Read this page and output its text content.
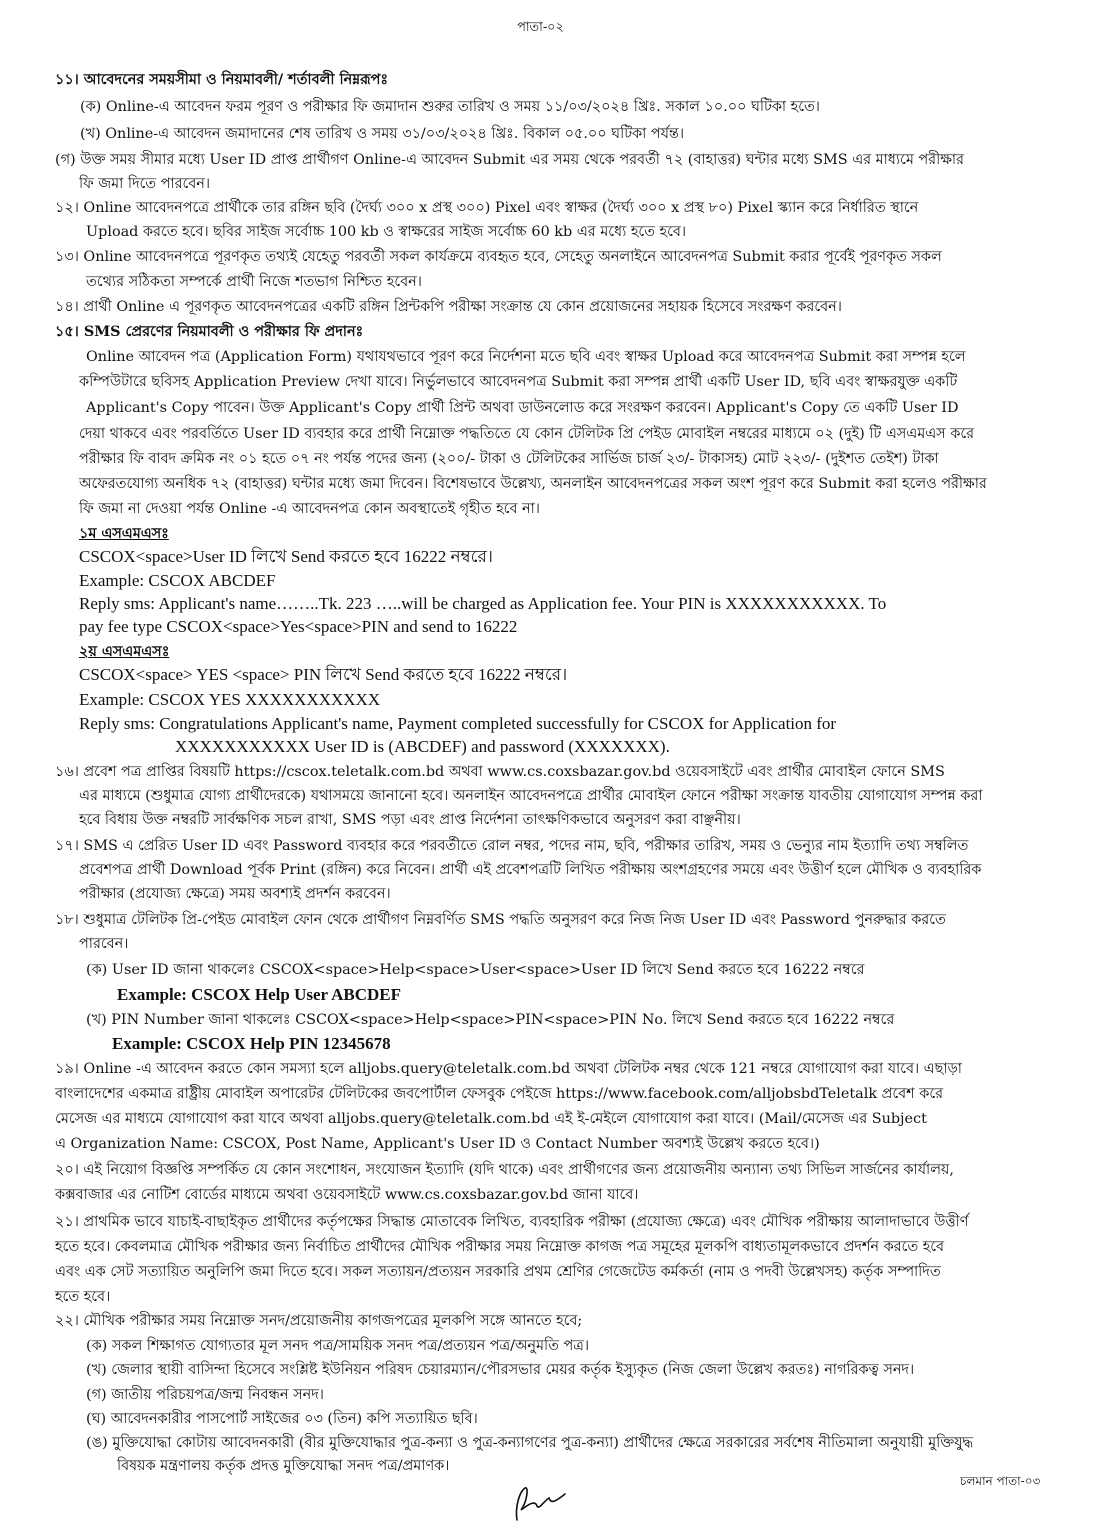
পাতা-০২
১১। আবেদনের সময়সীমা ও নিয়মাবলী/ শর্তাবলী নিম্নরূপঃ
(ক) Online-এ আবেদন ফরম পূরণ ও পরীক্ষার ফি জমাদান শুরুর তারিখ ও সময় ১১/০৩/২০২৪ খ্রিঃ. সকাল ১০.০০ ঘটিকা হতে।
(খ) Online-এ আবেদন জমাদানের শেষ তারিখ ও সময় ৩১/০৩/২০২৪ খ্রিঃ. বিকাল ০৫.০০ ঘটিকা পর্যন্ত।
(গ) উক্ত সময় সীমার মধ্যে User ID প্রাপ্ত প্রার্থীগণ Online-এ আবেদন Submit এর সময় থেকে পরবর্তী ৭২ (বাহাত্তর) ঘন্টার মধ্যে SMS এর মাধ্যমে পরীক্ষার
ফি জমা দিতে পারবেন।
১২। Online আবেদনপত্রে প্রার্থীকে তার রঙ্গিন ছবি (দৈর্ঘ্য ৩০০ x প্রস্থ ৩০০) Pixel এবং স্বাক্ষর (দৈর্ঘ্য ৩০০ x প্রস্থ ৮০) Pixel স্ক্যান করে নির্ধারিত স্থানে
Upload করতে হবে। ছবির সাইজ সর্বোচ্চ 100 kb ও স্বাক্ষরের সাইজ সর্বোচ্চ 60 kb এর মধ্যে হতে হবে।
১৩। Online আবেদনপত্রে পূরণকৃত তথ্যই যেহেতু পরবর্তী সকল কার্যক্রমে ব্যবহৃত হবে, সেহেতু অনলাইনে আবেদনপত্র Submit করার পূর্বেই পূরণকৃত সকল
তথ্যের সঠিকতা সম্পর্কে প্রার্থী নিজে শতভাগ নিশ্চিত হবেন।
১৪। প্রার্থী Online এ পূরণকৃত আবেদনপত্রের একটি রঙ্গিন প্রিন্টকপি পরীক্ষা সংক্রান্ত যে কোন প্রয়োজনের সহায়ক হিসেবে সংরক্ষণ করবেন।
১৫। SMS প্রেরণের নিয়মাবলী ও পরীক্ষার ফি প্রদানঃ
Online আবেদন পত্র (Application Form) যথাযথভাবে পূরণ করে নির্দেশনা মতে ছবি এবং স্বাক্ষর Upload করে আবেদনপত্র Submit করা সম্পন্ন হলে
কম্পিউটারে ছবিসহ Application Preview দেখা যাবে। নির্ভুলভাবে আবেদনপত্র Submit করা সম্পন্ন প্রার্থী একটি User ID, ছবি এবং স্বাক্ষরযুক্ত একটি
Applicant's Copy পাবেন। উক্ত Applicant's Copy প্রার্থী প্রিন্ট অথবা ডাউনলোড করে সংরক্ষণ করবেন। Applicant's Copy তে একটি User ID
দেয়া থাকবে এবং পরবর্তিতে User ID ব্যবহার করে প্রার্থী নিম্নোক্ত পদ্ধতিতে যে কোন টেলিটক প্রি পেইড মোবাইল নম্বরের মাধ্যমে ০২ (দুই) টি এসএমএস করে
পরীক্ষার ফি বাবদ ক্রমিক নং ০১ হতে ০৭ নং পর্যন্ত পদের জন্য (২০০/- টাকা ও টেলিটকের সার্ভিজ চার্জ ২৩/- টাকাসহ) মোট ২২৩/- (দুইশত তেইশ) টাকা
অফেরতযোগ্য অনধিক ৭২ (বাহাত্তর) ঘন্টার মধ্যে জমা দিবেন। বিশেষভাবে উল্লেখ্য, অনলাইন আবেদনপত্রের সকল অংশ পূরণ করে Submit করা হলেও পরীক্ষার
ফি জমা না দেওয়া পর্যন্ত Online -এ আবেদনপত্র কোন অবস্থাতেই গৃহীত হবে না।
১ম এসএমএসঃ
CSCOX<space>User ID লিখে Send করতে হবে 16222 নম্বরে।
Example: CSCOX ABCDEF
Reply sms: Applicant's name……..Tk. 223 …..will be charged as Application fee. Your PIN is XXXXXXXXXXX. To
pay fee type CSCOX<space>Yes<space>PIN and send to 16222
২য় এসএমএসঃ
CSCOX<space> YES <space> PIN লিখে Send করতে হবে 16222 নম্বরে।
Example: CSCOX YES XXXXXXXXXXX
Reply sms: Congratulations Applicant's name, Payment completed successfully for CSCOX for Application for
XXXXXXXXXXX User ID is (ABCDEF) and password (XXXXXXX).
১৬। প্রবেশ পত্র প্রাপ্তির বিষয়টি https://cscox.teletalk.com.bd অথবা www.cs.coxsbazar.gov.bd ওয়েবসাইটে এবং প্রার্থীর মোবাইল ফোনে SMS
এর মাধ্যমে (শুধুমাত্র যোগ্য প্রার্থীদেরকে) যথাসময়ে জানানো হবে। অনলাইন আবেদনপত্রে প্রার্থীর মোবাইল ফোনে পরীক্ষা সংক্রান্ত যাবতীয় যোগাযোগ সম্পন্ন করা
হবে বিধায় উক্ত নম্বরটি সার্বক্ষণিক সচল রাখা, SMS পড়া এবং প্রাপ্ত নির্দেশনা তাৎক্ষণিকভাবে অনুসরণ করা বাঞ্ছনীয়।
১৭। SMS এ প্রেরিত User ID এবং Password ব্যবহার করে পরবর্তীতে রোল নম্বর, পদের নাম, ছবি, পরীক্ষার তারিখ, সময় ও ভেন্যুর নাম ইত্যাদি তথ্য সম্বলিত
প্রবেশপত্র প্রার্থী Download পূর্বক Print (রঙ্গিন) করে নিবেন। প্রার্থী এই প্রবেশপত্রটি লিখিত পরীক্ষায় অংশগ্রহণের সময়ে এবং উত্তীর্ণ হলে মৌখিক ও ব্যবহারিক
পরীক্ষার (প্রযোজ্য ক্ষেত্রে) সময় অবশ্যই প্রদর্শন করবেন।
১৮। শুধুমাত্র টেলিটক প্রি-পেইড মোবাইল ফোন থেকে প্রার্থীগণ নিম্নবর্ণিত SMS পদ্ধতি অনুসরণ করে নিজ নিজ User ID এবং Password পুনরুদ্ধার করতে
পারবেন।
(ক) User ID জানা থাকলেঃ CSCOX<space>Help<space>User<space>User ID লিখে Send করতে হবে 16222 নম্বরে
Example: CSCOX Help User ABCDEF
(খ) PIN Number জানা থাকলেঃ CSCOX<space>Help<space>PIN<space>PIN No. লিখে Send করতে হবে 16222 নম্বরে
Example: CSCOX Help PIN 12345678
১৯। Online -এ আবেদন করতে কোন সমস্যা হলে alljobs.query@teletalk.com.bd অথবা টেলিটক নম্বর থেকে 121 নম্বরে যোগাযোগ করা যাবে। এছাড়া
বাংলাদেশের একমাত্র রাষ্ট্রীয় মোবাইল অপারেটর টেলিটকের জবপোর্টাল ফেসবুক পেইজে https://www.facebook.com/alljobsbdTeletalk প্রবেশ করে
মেসেজ এর মাধ্যমে যোগাযোগ করা যাবে অথবা alljobs.query@teletalk.com.bd এই ই-মেইলে যোগাযোগ করা যাবে। (Mail/মেসেজ এর Subject
এ Organization Name: CSCOX, Post Name, Applicant's User ID ও Contact Number অবশ্যই উল্লেখ করতে হবে।)
২০। এই নিয়োগ বিজ্ঞপ্তি সম্পর্কিত যে কোন সংশোধন, সংযোজন ইত্যাদি (যদি থাকে) এবং প্রার্থীগণের জন্য প্রয়োজনীয় অন্যান্য তথ্য সিভিল সার্জনের কার্যালয়,
কক্সবাজার এর নোটিশ বোর্ডের মাধ্যমে অথবা ওয়েবসাইটে www.cs.coxsbazar.gov.bd জানা যাবে।
২১। প্রাথমিক ভাবে যাচাই-বাছাইকৃত প্রার্থীদের কর্তৃপক্ষের সিদ্ধান্ত মোতাবেক লিখিত, ব্যবহারিক পরীক্ষা (প্রযোজ্য ক্ষেত্রে) এবং মৌখিক পরীক্ষায় আলাদাভাবে উত্তীর্ণ
হতে হবে। কেবলমাত্র মৌখিক পরীক্ষার জন্য নির্বাচিত প্রার্থীদের মৌখিক পরীক্ষার সময় নিম্নোক্ত কাগজ পত্র সমূহের মূলকপি বাধ্যতামূলকভাবে প্রদর্শন করতে হবে
এবং এক সেট সত্যায়িত অনুলিপি জমা দিতে হবে। সকল সত্যায়ন/প্রত্যয়ন সরকারি প্রথম শ্রেণির গেজেটেড কর্মকর্তা (নাম ও পদবী উল্লেখসহ) কর্তৃক সম্পাদিত
হতে হবে।
২২। মৌখিক পরীক্ষার সময় নিম্নোক্ত সনদ/প্রয়োজনীয় কাগজপত্রের মূলকপি সঙ্গে আনতে হবে;
(ক) সকল শিক্ষাগত যোগ্যতার মূল সনদ পত্র/সাময়িক সনদ পত্র/প্রত্যয়ন পত্র/অনুমতি পত্র।
(খ) জেলার স্থায়ী বাসিন্দা হিসেবে সংশ্লিষ্ট ইউনিয়ন পরিষদ চেয়ারম্যান/পৌরসভার মেয়র কর্তৃক ইস্যুকৃত (নিজ জেলা উল্লেখ করতঃ) নাগরিকত্ব সনদ।
(গ) জাতীয় পরিচয়পত্র/জন্ম নিবন্ধন সনদ।
(ঘ) আবেদনকারীর পাসপোর্ট সাইজের ০৩ (তিন) কপি সত্যায়িত ছবি।
(ঙ) মুক্তিযোদ্ধা কোটায় আবেদনকারী (বীর মুক্তিযোদ্ধার পুত্র-কন্যা ও পুত্র-কন্যাগণের পুত্র-কন্যা) প্রার্থীদের ক্ষেত্রে সরকারের সর্বশেষ নীতিমালা অনুযায়ী মুক্তিযুদ্ধ
বিষয়ক মন্ত্রণালয় কর্তৃক প্রদত্ত মুক্তিযোদ্ধা সনদ পত্র/প্রমাণক।
চলমান পাতা-০৩
